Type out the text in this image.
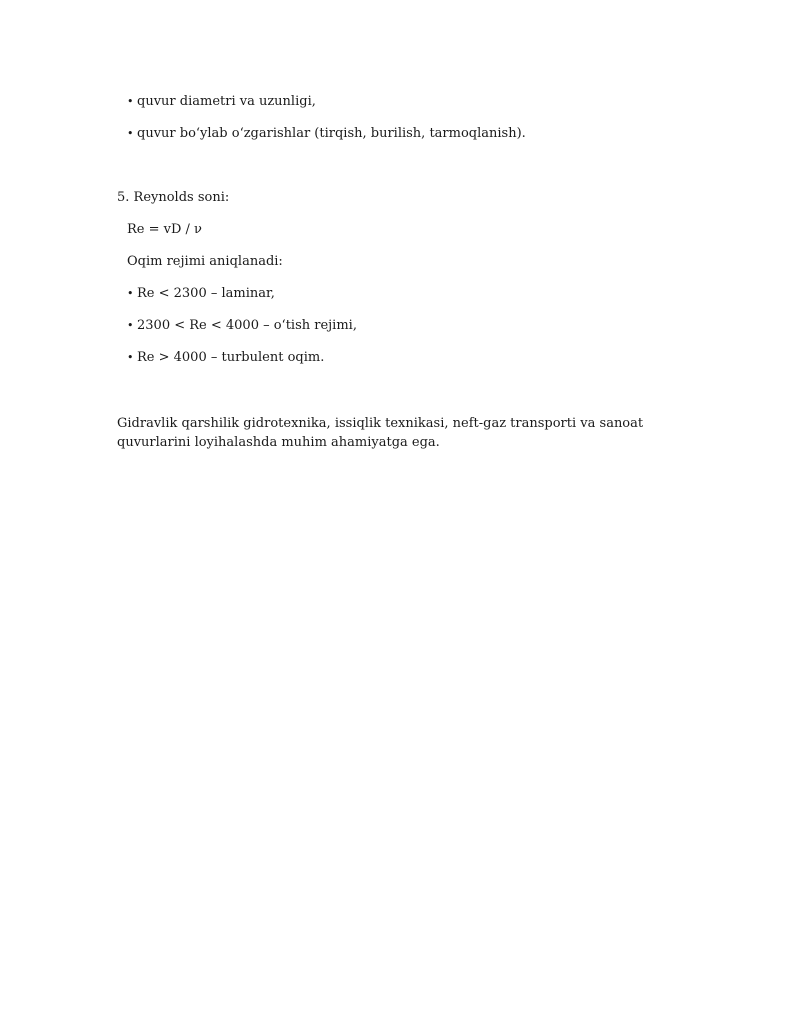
• quvur diametri va uzunligi,
• quvur bo‘ylab o‘zgarishlar (tirqish, burilish, tarmoqlanish).
5. Reynolds soni:
Re = vD / ν
Oqim rejimi aniqlanadi:
• Re < 2300 – laminar,
• 2300 < Re < 4000 – o‘tish rejimi,
• Re > 4000 – turbulent oqim.
Gidravlik qarshilik gidrotexnika, issiqlik texnikasi, neft-gaz transporti va sanoat quvurlarini loyihalashda muhim ahamiyatga ega.
